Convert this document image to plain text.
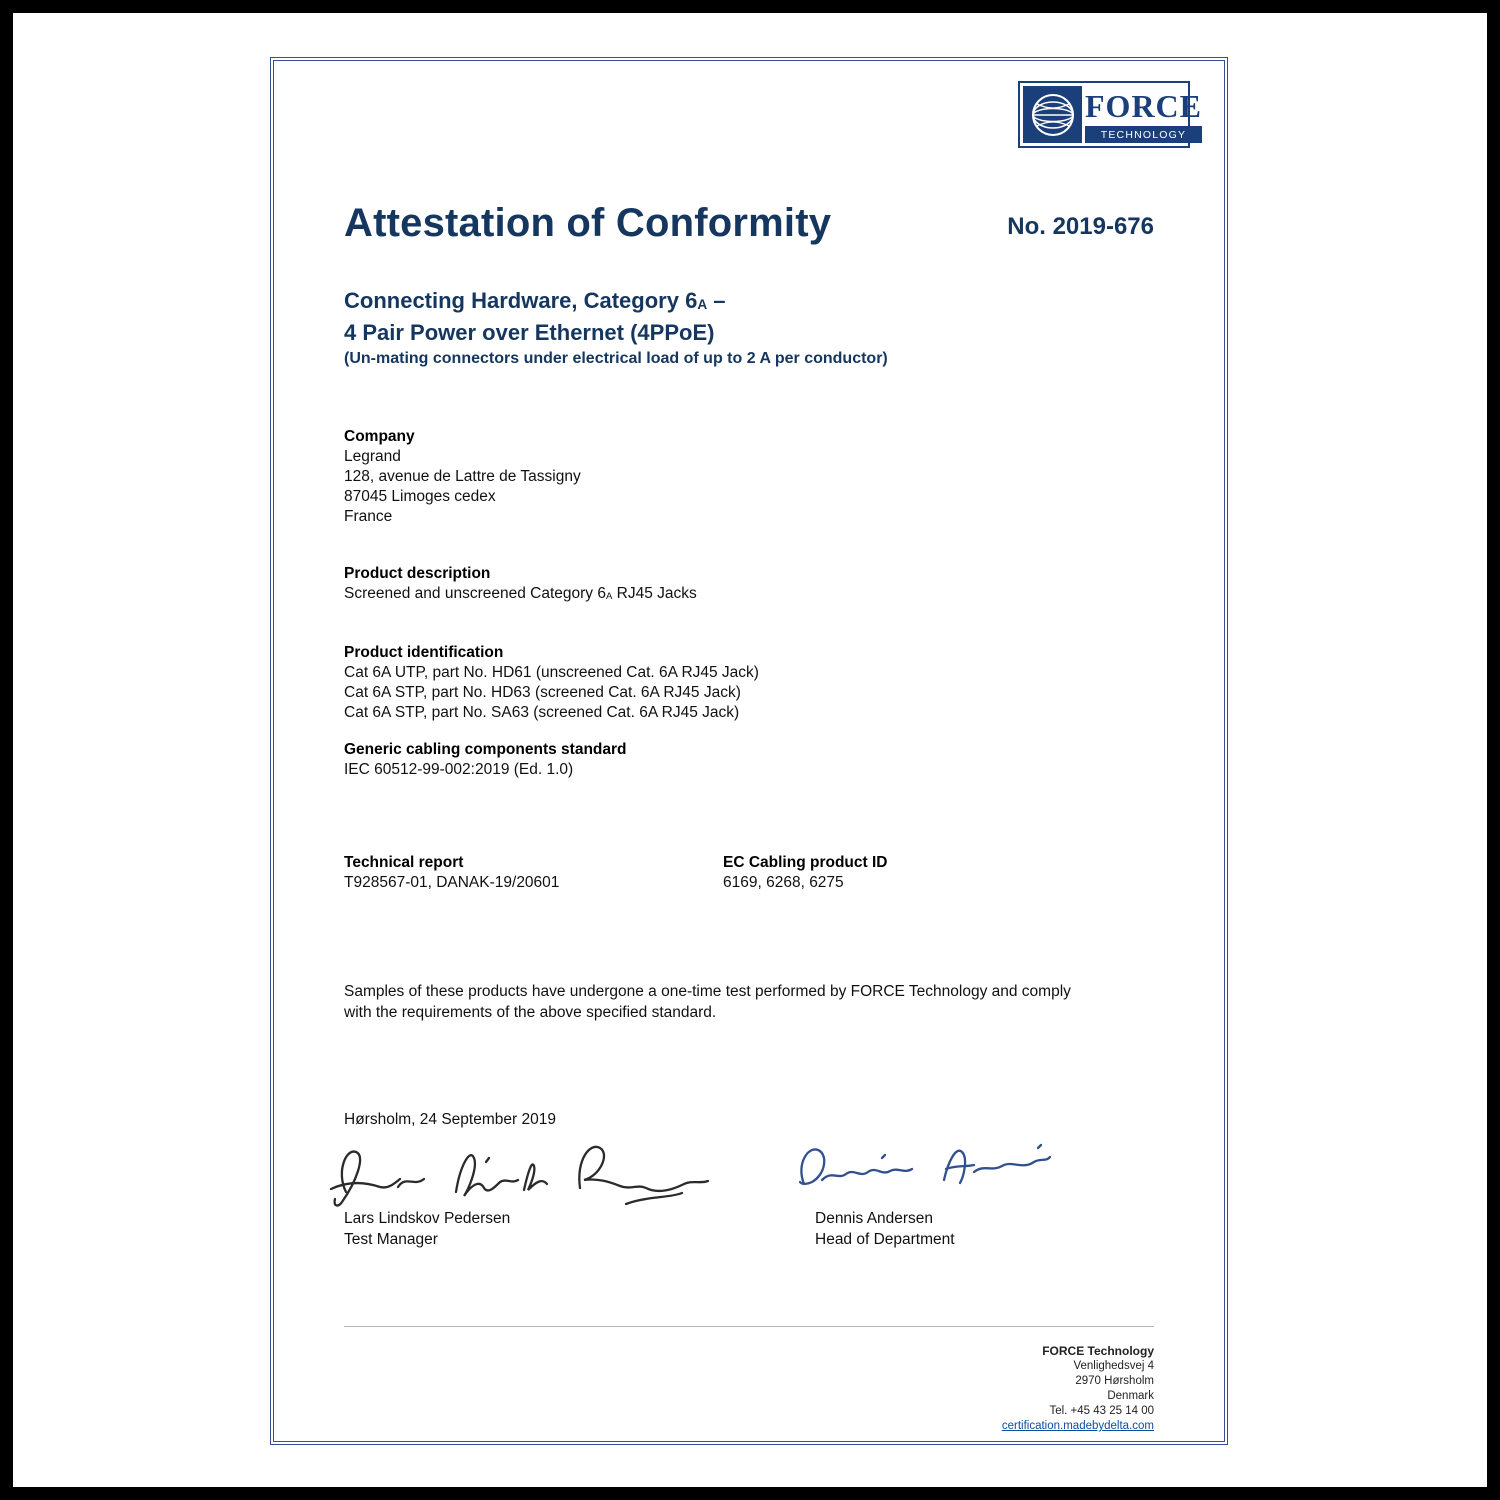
FORCE
TECHNOLOGY
Attestation of Conformity	No. 2019-676
Connecting Hardware, Category 6A –
4 Pair Power over Ethernet (4PPoE)
(Un-mating connectors under electrical load of up to 2 A per conductor)
Company
Legrand
128, avenue de Lattre de Tassigny
87045 Limoges cedex
France
Product description
Screened and unscreened Category 6A RJ45 Jacks
Product identification
Cat 6A UTP, part No. HD61 (unscreened Cat. 6A RJ45 Jack)
Cat 6A STP, part No. HD63 (screened Cat. 6A RJ45 Jack)
Cat 6A STP, part No. SA63 (screened Cat. 6A RJ45 Jack)
Generic cabling components standard
IEC 60512-99-002:2019 (Ed. 1.0)
Technical report
T928567-01, DANAK-19/20601
EC Cabling product ID
6169, 6268, 6275
Samples of these products have undergone a one-time test performed by FORCE Technology and comply with the requirements of the above specified standard.
Hørsholm, 24 September 2019
Lars Lindskov Pedersen
Test Manager
Dennis Andersen
Head of Department
FORCE Technology
Venlighedsvej 4
2970 Hørsholm
Denmark
Tel. +45 43 25 14 00
certification.madebydelta.com
